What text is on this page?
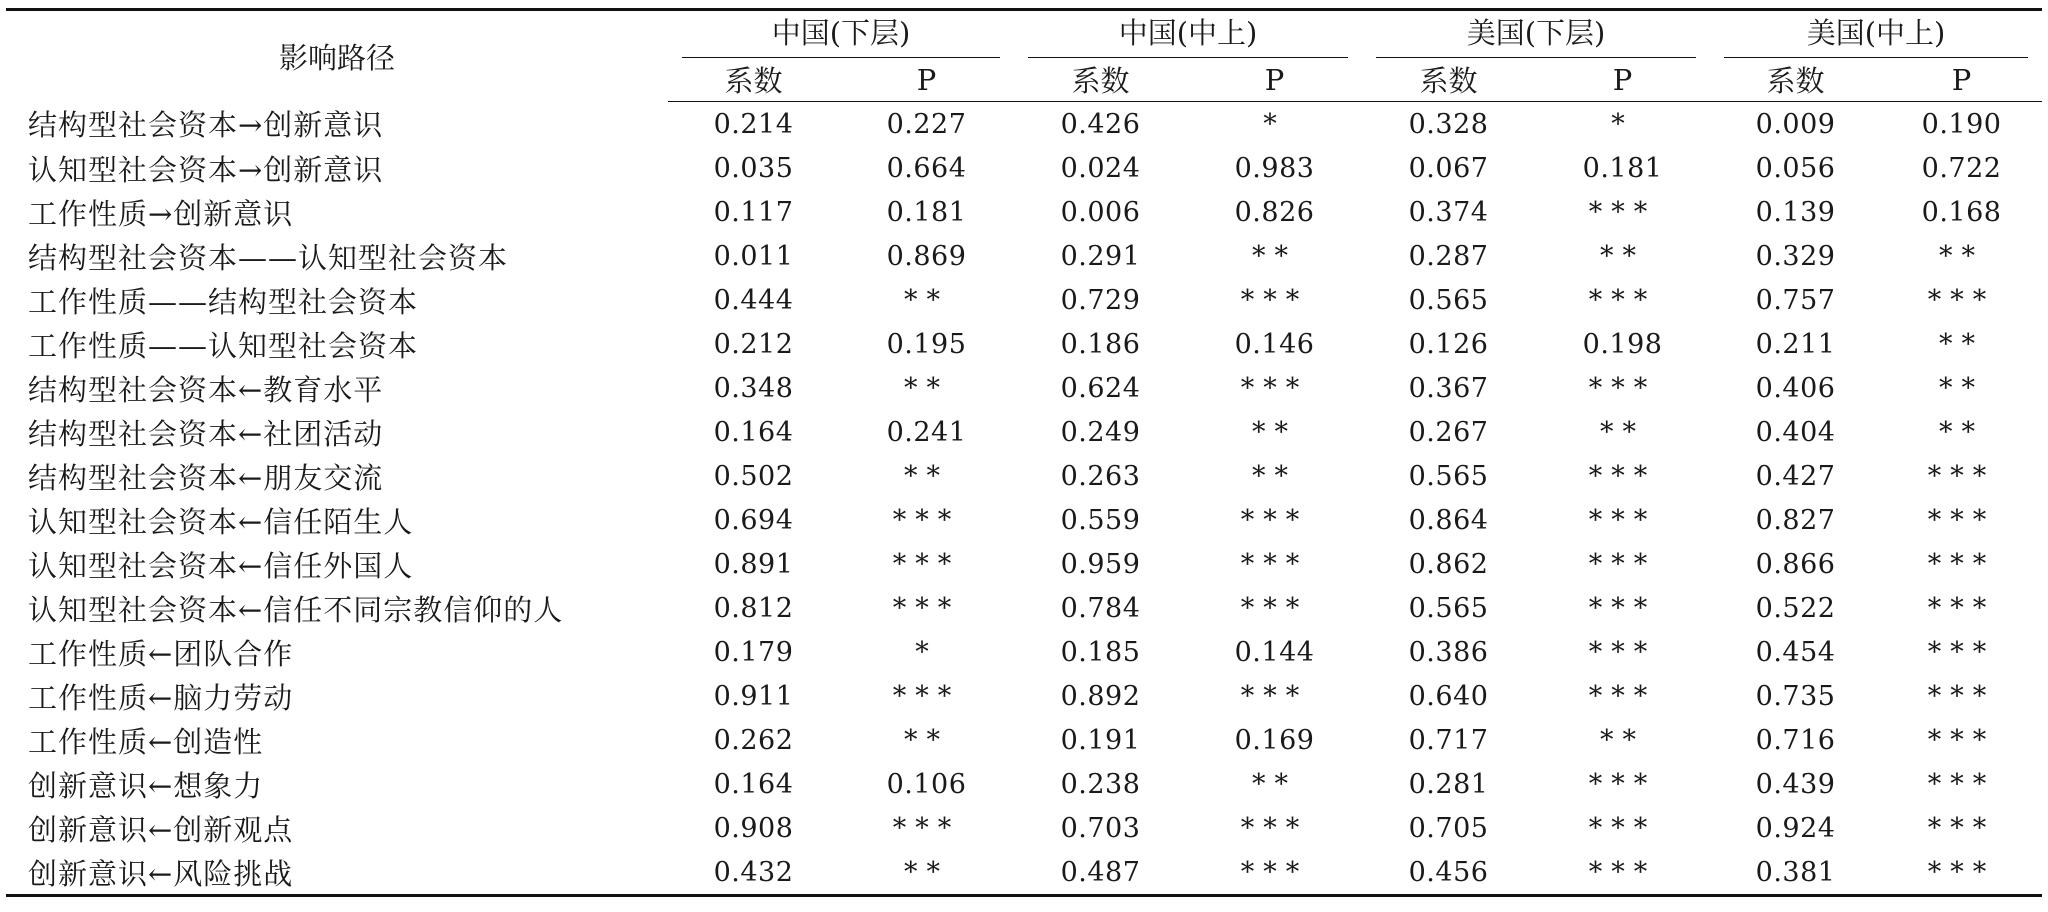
影响路径	中国(下层)		中国(中上)		美国(下层)		美国(中上)	

	系数	P	系数	P	系数	P	系数	P
结构型社会资本→创新意识	0.214	0.227	0.426	*	0.328	*	0.009	0.190
认知型社会资本→创新意识	0.035	0.664	0.024	0.983	0.067	0.181	0.056	0.722
工作性质→创新意识	0.117	0.181	0.006	0.826	0.374	***	0.139	0.168
结构型社会资本——认知型社会资本	0.011	0.869	0.291	**	0.287	**	0.329	**
工作性质——结构型社会资本	0.444	**	0.729	***	0.565	***	0.757	***
工作性质——认知型社会资本	0.212	0.195	0.186	0.146	0.126	0.198	0.211	**
结构型社会资本←教育水平	0.348	**	0.624	***	0.367	***	0.406	**
结构型社会资本←社团活动	0.164	0.241	0.249	**	0.267	**	0.404	**
结构型社会资本←朋友交流	0.502	**	0.263	**	0.565	***	0.427	***
认知型社会资本←信任陌生人	0.694	***	0.559	***	0.864	***	0.827	***
认知型社会资本←信任外国人	0.891	***	0.959	***	0.862	***	0.866	***
认知型社会资本←信任不同宗教信仰的人	0.812	***	0.784	***	0.565	***	0.522	***
工作性质←团队合作	0.179	*	0.185	0.144	0.386	***	0.454	***
工作性质←脑力劳动	0.911	***	0.892	***	0.640	***	0.735	***
工作性质←创造性	0.262	**	0.191	0.169	0.717	**	0.716	***
创新意识←想象力	0.164	0.106	0.238	**	0.281	***	0.439	***
创新意识←创新观点	0.908	***	0.703	***	0.705	***	0.924	***
创新意识←风险挑战	0.432	**	0.487	***	0.456	***	0.381	***
